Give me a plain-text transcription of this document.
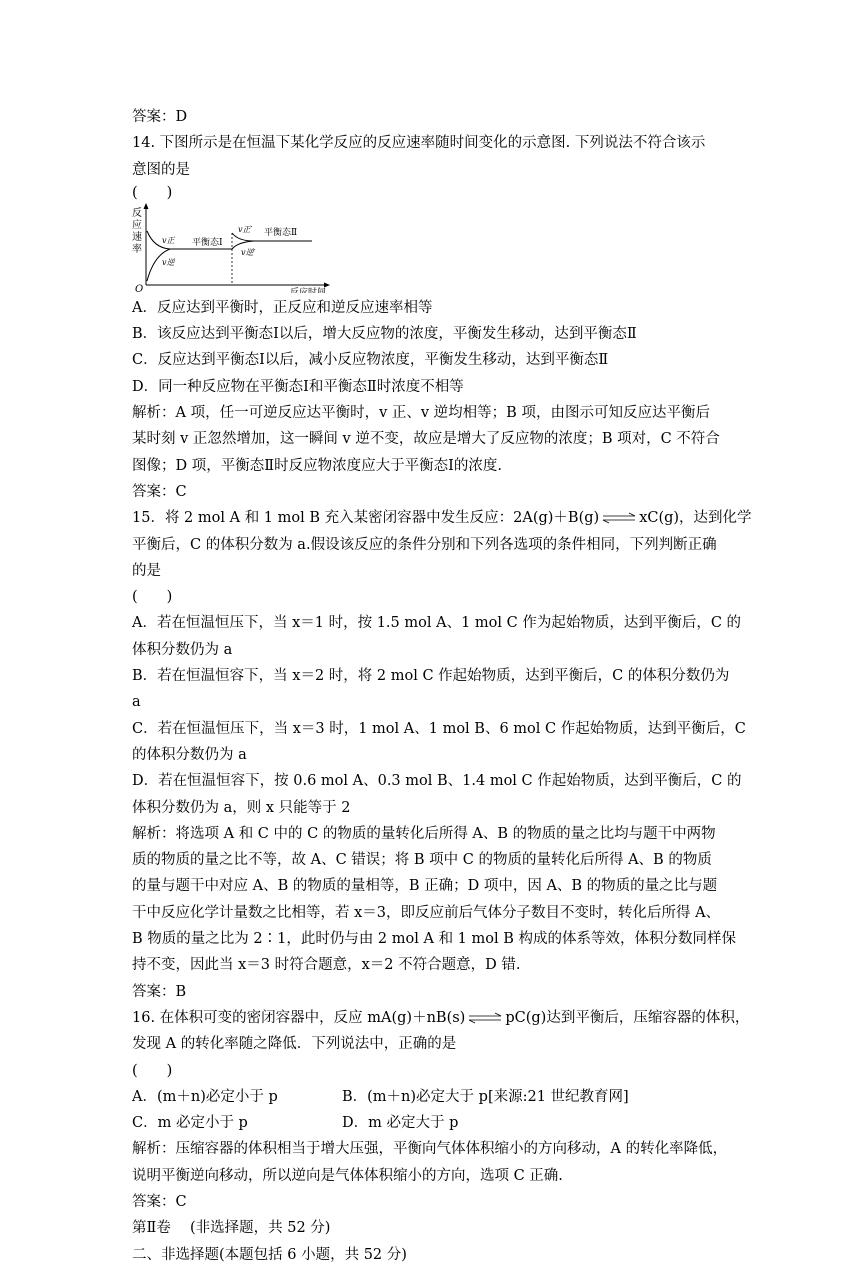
答案：D
14. 下图所示是在恒温下某化学反应的反应速率随时间变化的示意图. 下列说法不符合该示
意图的是
(　　)
反
应
速
率
O	反应时间
v正
v逆
平衡态Ⅰ
v正′
v逆′
平衡态Ⅱ
A．反应达到平衡时，正反应和逆反应速率相等
B．该反应达到平衡态Ⅰ以后，增大反应物的浓度，平衡发生移动，达到平衡态Ⅱ
C．反应达到平衡态Ⅰ以后，减小反应物浓度，平衡发生移动，达到平衡态Ⅱ
D．同一种反应物在平衡态Ⅰ和平衡态Ⅱ时浓度不相等
解析：A 项，任一可逆反应达平衡时，v 正、v 逆均相等；B 项，由图示可知反应达平衡后
某时刻 v 正忽然增加，这一瞬间 v 逆不变，故应是增大了反应物的浓度；B 项对，C 不符合
图像；D 项，平衡态Ⅱ时反应物浓度应大于平衡态Ⅰ的浓度.
答案：C
15．将 2 mol A 和 1 mol B 充入某密闭容器中发生反应：2A(g)＋B(g) ⇌ xC(g)，达到化学
平衡后，C 的体积分数为 a.假设该反应的条件分别和下列各选项的条件相同，下列判断正确
的是
(　　)
A．若在恒温恒压下，当 x＝1 时，按 1.5 mol A、1 mol C 作为起始物质，达到平衡后，C 的
体积分数仍为 a
B．若在恒温恒容下，当 x＝2 时，将 2 mol C 作起始物质，达到平衡后，C 的体积分数仍为
a
C．若在恒温恒压下，当 x＝3 时，1 mol A、1 mol B、6 mol C 作起始物质，达到平衡后，C
的体积分数仍为 a
D．若在恒温恒容下，按 0.6 mol A、0.3 mol B、1.4 mol C 作起始物质，达到平衡后，C 的
体积分数仍为 a，则 x 只能等于 2
解析：将选项 A 和 C 中的 C 的物质的量转化后所得 A、B 的物质的量之比均与题干中两物
质的物质的量之比不等，故 A、C 错误；将 B 项中 C 的物质的量转化后所得 A、B 的物质
的量与题干中对应 A、B 的物质的量相等，B 正确；D 项中，因 A、B 的物质的量之比与题
干中反应化学计量数之比相等，若 x＝3，即反应前后气体分子数目不变时，转化后所得 A、
B 物质的量之比为 2∶1，此时仍与由 2 mol A 和 1 mol B 构成的体系等效，体积分数同样保
持不变，因此当 x＝3 时符合题意，x＝2 不符合题意，D 错.
答案：B
16. 在体积可变的密闭容器中，反应 mA(g)＋nB(s) ⇌ pC(g)达到平衡后，压缩容器的体积，
发现 A 的转化率随之降低．下列说法中，正确的是
(　　)
A．(m＋n)必定小于 p	B．(m＋n)必定大于 p[来源:21 世纪教育网]
C．m 必定小于 p	D．m 必定大于 p
解析：压缩容器的体积相当于增大压强，平衡向气体体积缩小的方向移动，A 的转化率降低，
说明平衡逆向移动，所以逆向是气体体积缩小的方向，选项 C 正确.
答案：C
第Ⅱ卷　 (非选择题，共 52 分)
二、非选择题(本题包括 6 小题，共 52 分)
